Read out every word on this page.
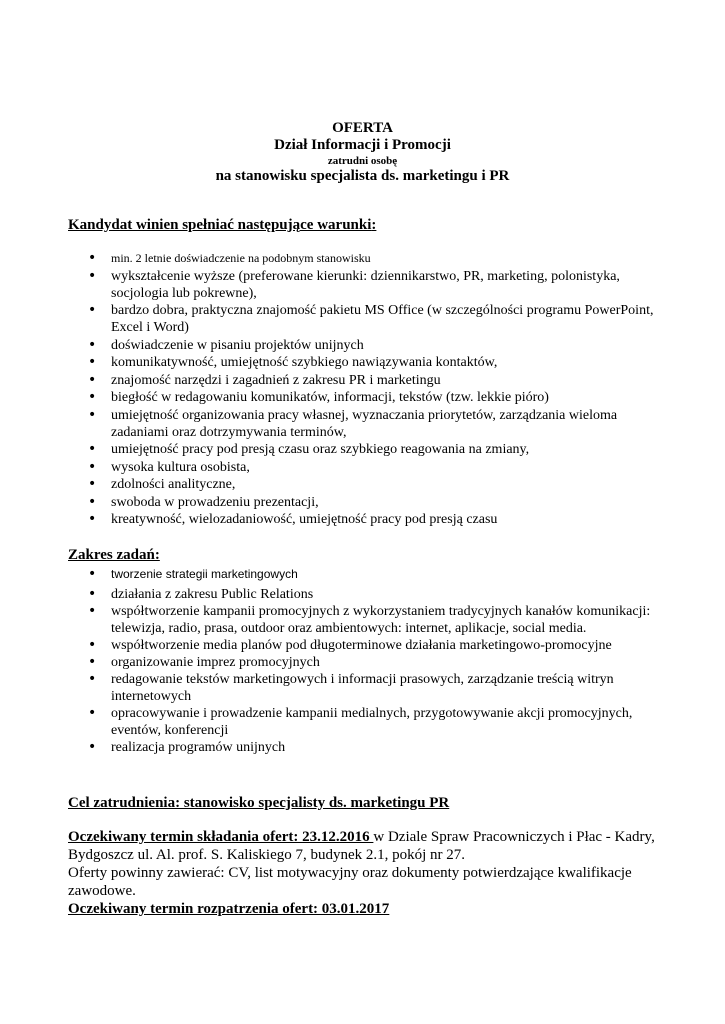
OFERTA
Dział Informacji i Promocji
zatrudni osobę
na stanowisku specjalista ds. marketingu i PR
Kandydat winien spełniać następujące warunki:
• min. 2 letnie doświadczenie na podobnym stanowisku
• wykształcenie wyższe (preferowane kierunki: dziennikarstwo, PR, marketing, polonistyka, socjologia lub pokrewne),
• bardzo dobra, praktyczna znajomość pakietu MS Office (w szczególności programu PowerPoint, Excel i Word)
• doświadczenie w pisaniu projektów unijnych
• komunikatywność, umiejętność szybkiego nawiązywania kontaktów,
• znajomość narzędzi i zagadnień z zakresu PR i marketingu
• biegłość w redagowaniu komunikatów, informacji, tekstów (tzw. lekkie pióro)
• umiejętność organizowania pracy własnej, wyznaczania priorytetów, zarządzania wieloma zadaniami oraz dotrzymywania terminów,
• umiejętność pracy pod presją czasu oraz szybkiego reagowania na zmiany,
• wysoka kultura osobista,
• zdolności analityczne,
• swoboda w prowadzeniu prezentacji,
• kreatywność, wielozadaniowość, umiejętność pracy pod presją czasu
Zakres zadań:
• tworzenie strategii marketingowych
• działania z zakresu Public Relations
• współtworzenie kampanii promocyjnych z wykorzystaniem tradycyjnych kanałów komunikacji: telewizja, radio, prasa, outdoor oraz ambientowych: internet, aplikacje, social media.
• współtworzenie media planów pod długoterminowe działania marketingowo-promocyjne
• organizowanie imprez promocyjnych
• redagowanie tekstów marketingowych i informacji prasowych, zarządzanie treścią witryn internetowych
• opracowywanie i prowadzenie kampanii medialnych, przygotowywanie akcji promocyjnych, eventów, konferencji
• realizacja programów unijnych
Cel zatrudnienia: stanowisko specjalisty ds. marketingu PR
Oczekiwany termin składania ofert: 23.12.2016 w Dziale Spraw Pracowniczych i Płac - Kadry, Bydgoszcz ul. Al. prof. S. Kaliskiego 7, budynek 2.1, pokój nr 27.
Oferty powinny zawierać: CV, list motywacyjny oraz dokumenty potwierdzające kwalifikacje zawodowe.
Oczekiwany termin rozpatrzenia ofert: 03.01.2017
